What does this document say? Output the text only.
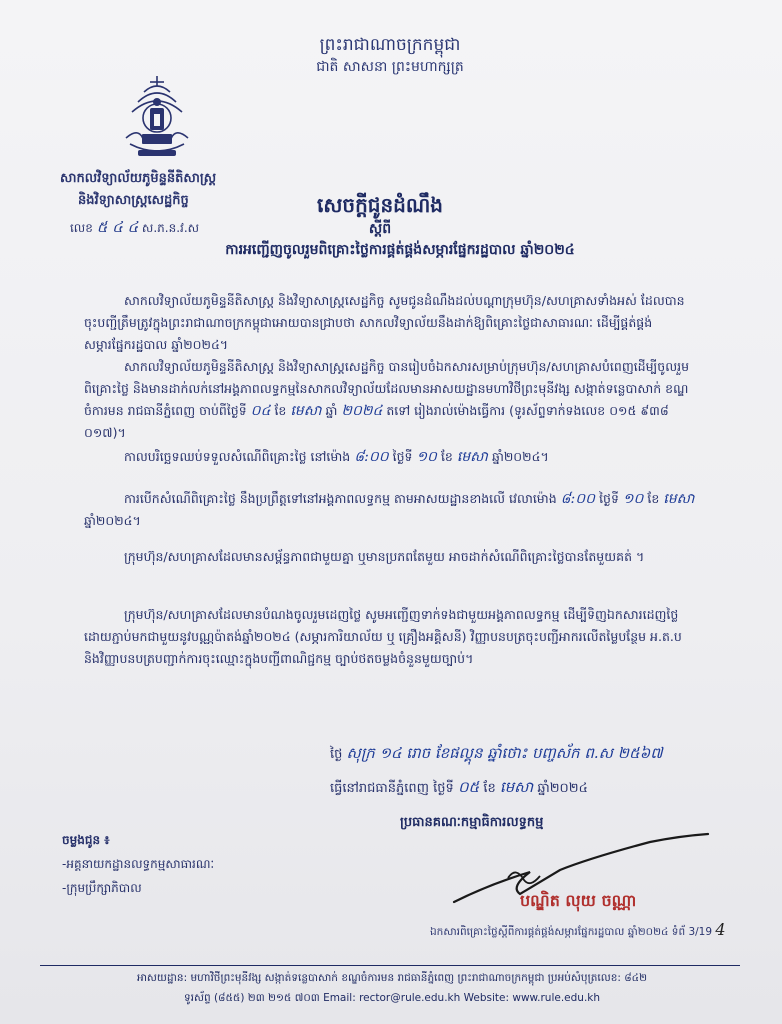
ព្រះរាជាណាចក្រកម្ពុជា
ជាតិ សាសនា ព្រះមហាក្សត្រ
សាកលវិទ្យាល័យភូមិន្ទនីតិសាស្ត្រ
និងវិទ្យាសាស្ត្រសេដ្ឋកិច្ច
លេខ ៥ ៤ ៤ ស.ភ.ន.វ.ស
សេចក្តីជូនដំណឹង
ស្តីពី
ការអញ្ជើញចូលរួមពិគ្រោះថ្លៃការផ្គត់ផ្គង់សម្ភារផែ្នករដ្ឋបាល ឆ្នាំ២០២៤
សាកលវិទ្យាល័យភូមិន្ទនីតិសាស្ត្រ និងវិទ្យាសាស្ត្រសេដ្ឋកិច្ច សូមជូនដំណឹងដល់បណ្តាក្រុមហ៊ុន/សហគ្រាសទាំងអស់ ដែលបានចុះបញ្ជីត្រឹមត្រូវក្នុងព្រះរាជាណាចក្រកម្ពុជាអោយបានជ្រាបថា សាកលវិទ្យាល័យនឹងដាក់ឱ្យពិគ្រោះថ្លៃជាសាធារណៈ ដើម្បីផ្គត់ផ្គង់សម្ភារផែ្នករដ្ឋបាល ឆ្នាំ២០២៤។
សាកលវិទ្យាល័យភូមិន្ទនីតិសាស្ត្រ និងវិទ្យាសាស្ត្រសេដ្ឋកិច្ច បានរៀបចំឯកសារសម្រាប់ក្រុមហ៊ុន/សហគ្រាសបំពេញដើម្បីចូលរួមពិគ្រោះថ្លៃ និងមានដាក់លក់នៅអង្គភាពលទ្ធកម្មនៃសាកលវិទ្យាល័យដែលមានអាសយដ្ឋានមហាវិថីព្រះមុនីវង្ស សង្កាត់ទន្លេបាសាក់ ខណ្ឌចំការមន រាជធានីភ្នំពេញ ចាប់ពីថ្ងៃទី ០៤ ខែ មេសា ឆ្នាំ ២០២៤ តទៅ រៀងរាល់ម៉ោងធ្វើការ (ទូរស័ព្ទទាក់ទងលេខ ០១៥ ៩៣៨ ០១៧)។
កាលបរិច្ឆេទឈប់ទទួលសំណើពិគ្រោះថ្លៃ នៅម៉ោង ៨:០០ ថ្ងៃទី ១០ ខែ មេសា ឆ្នាំ២០២៤។
ការបើកសំណើពិគ្រោះថ្លៃ នឹងប្រព្រឹត្តទៅនៅអង្គភាពលទ្ធកម្ម តាមអាសយដ្ឋានខាងលើ វេលាម៉ោង ៨:០០ ថ្ងៃទី ១០ ខែ មេសា ឆ្នាំ២០២៤។
ក្រុមហ៊ុន/សហគ្រាសដែលមានសម្ព័ន្ធភាពជាមួយគ្នា ឬមានប្រភពតែមួយ អាចដាក់សំណើពិគ្រោះថ្លៃបានតែមួយគត់ ។
ក្រុមហ៊ុន/សហគ្រាសដែលមានបំណងចូលរួមដេញថ្លៃ សូមអញ្ជើញទាក់ទងជាមួយអង្គភាពលទ្ធកម្ម ដើម្បីទិញឯកសារដេញថ្លៃ ដោយភ្ជាប់មកជាមួយនូវបណ្ណប៉ាតង់ឆ្នាំ២០២៤ (សម្ភារការិយាល័យ ឬ គ្រឿងអគ្គិសនី) វិញ្ញាបនបត្រចុះបញ្ជីអាករលើតម្លៃបន្ថែម អ.ត.ប និងវិញ្ញាបនបត្របញ្ជាក់ការចុះឈ្មោះក្នុងបញ្ជីពាណិជ្ជកម្ម ច្បាប់ថតចម្លងចំនួនមួយច្បាប់។
ថ្ងៃ សុក្រ ១៤ រោច ខែផល្គុន ឆ្នាំថោះ បញ្ចស័ក ព.ស ២៥៦៧
ធ្វើនៅរាជធានីភ្នំពេញ ថ្ងៃទី ០៥ ខែ មេសា ឆ្នាំ២០២៤
ប្រធានគណៈកម្មាធិការលទ្ធកម្ម
ចម្លងជូន ៖
-អគ្គនាយកដ្ឋានលទ្ធកម្មសាធារណៈ
-ក្រុមប្រឹក្សាភិបាល
បណ្ឌិត លុយ ចណ្ណា
ឯកសារពិគ្រោះថ្លៃស្តីពីការផ្គត់ផ្គង់សម្ភារផែ្នករដ្ឋបាល ឆ្នាំ២០២៤ ទំព័ 3/19 4
អាសយដ្ឋាន: មហាវិថីព្រះមុនីវង្ស សង្កាត់ទន្លេបាសាក់ ខណ្ឌចំការមន រាជធានីភ្នំពេញ ព្រះរាជាណាចក្រកម្ពុជា ប្រអប់សំបុត្រលេខ: ៨៤២
ទូរស័ព្ទ (៨៥៥) ២៣ ២១៥ ៧០៣ Email: rector@rule.edu.kh Website: www.rule.edu.kh
